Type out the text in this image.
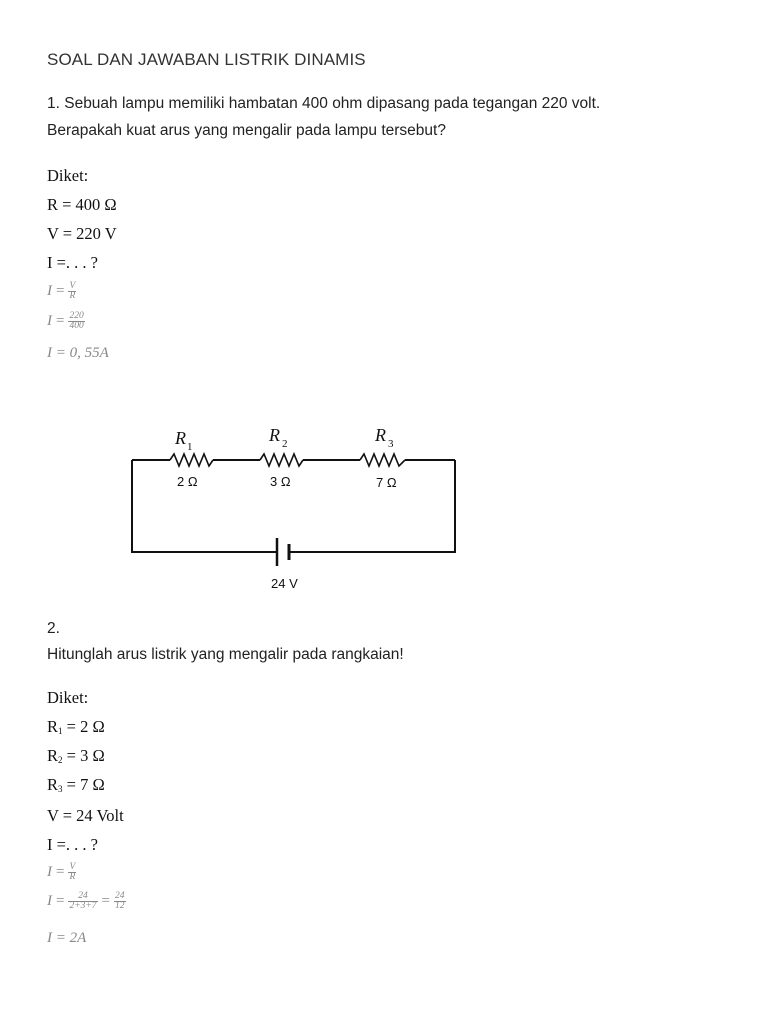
SOAL DAN JAWABAN LISTRIK DINAMIS
1. Sebuah lampu memiliki hambatan 400 ohm dipasang pada tegangan 220 volt.
Berapakah kuat arus yang mengalir pada lampu tersebut?
Diket:
R = 400 Ω
V = 220 V
I =. . . ?
$I = \frac{V}{R}$
$I = \frac{220}{400}$
I = 0, 55A
R 1
R 2	R 3
2 Ω	3 Ω	7 Ω
24 V
2.
Hitunglah arus listrik yang mengalir pada rangkaian!
Diket:
$R_1 = 2$ Ω
$R_2 = 3$ Ω
$R_3 = 7$ Ω
V = 24 Volt
I =. . . ?
$I = \frac{V}{R}$
$I = \frac{24}{2+3+7} = \frac{24}{12}$
I = 2A
